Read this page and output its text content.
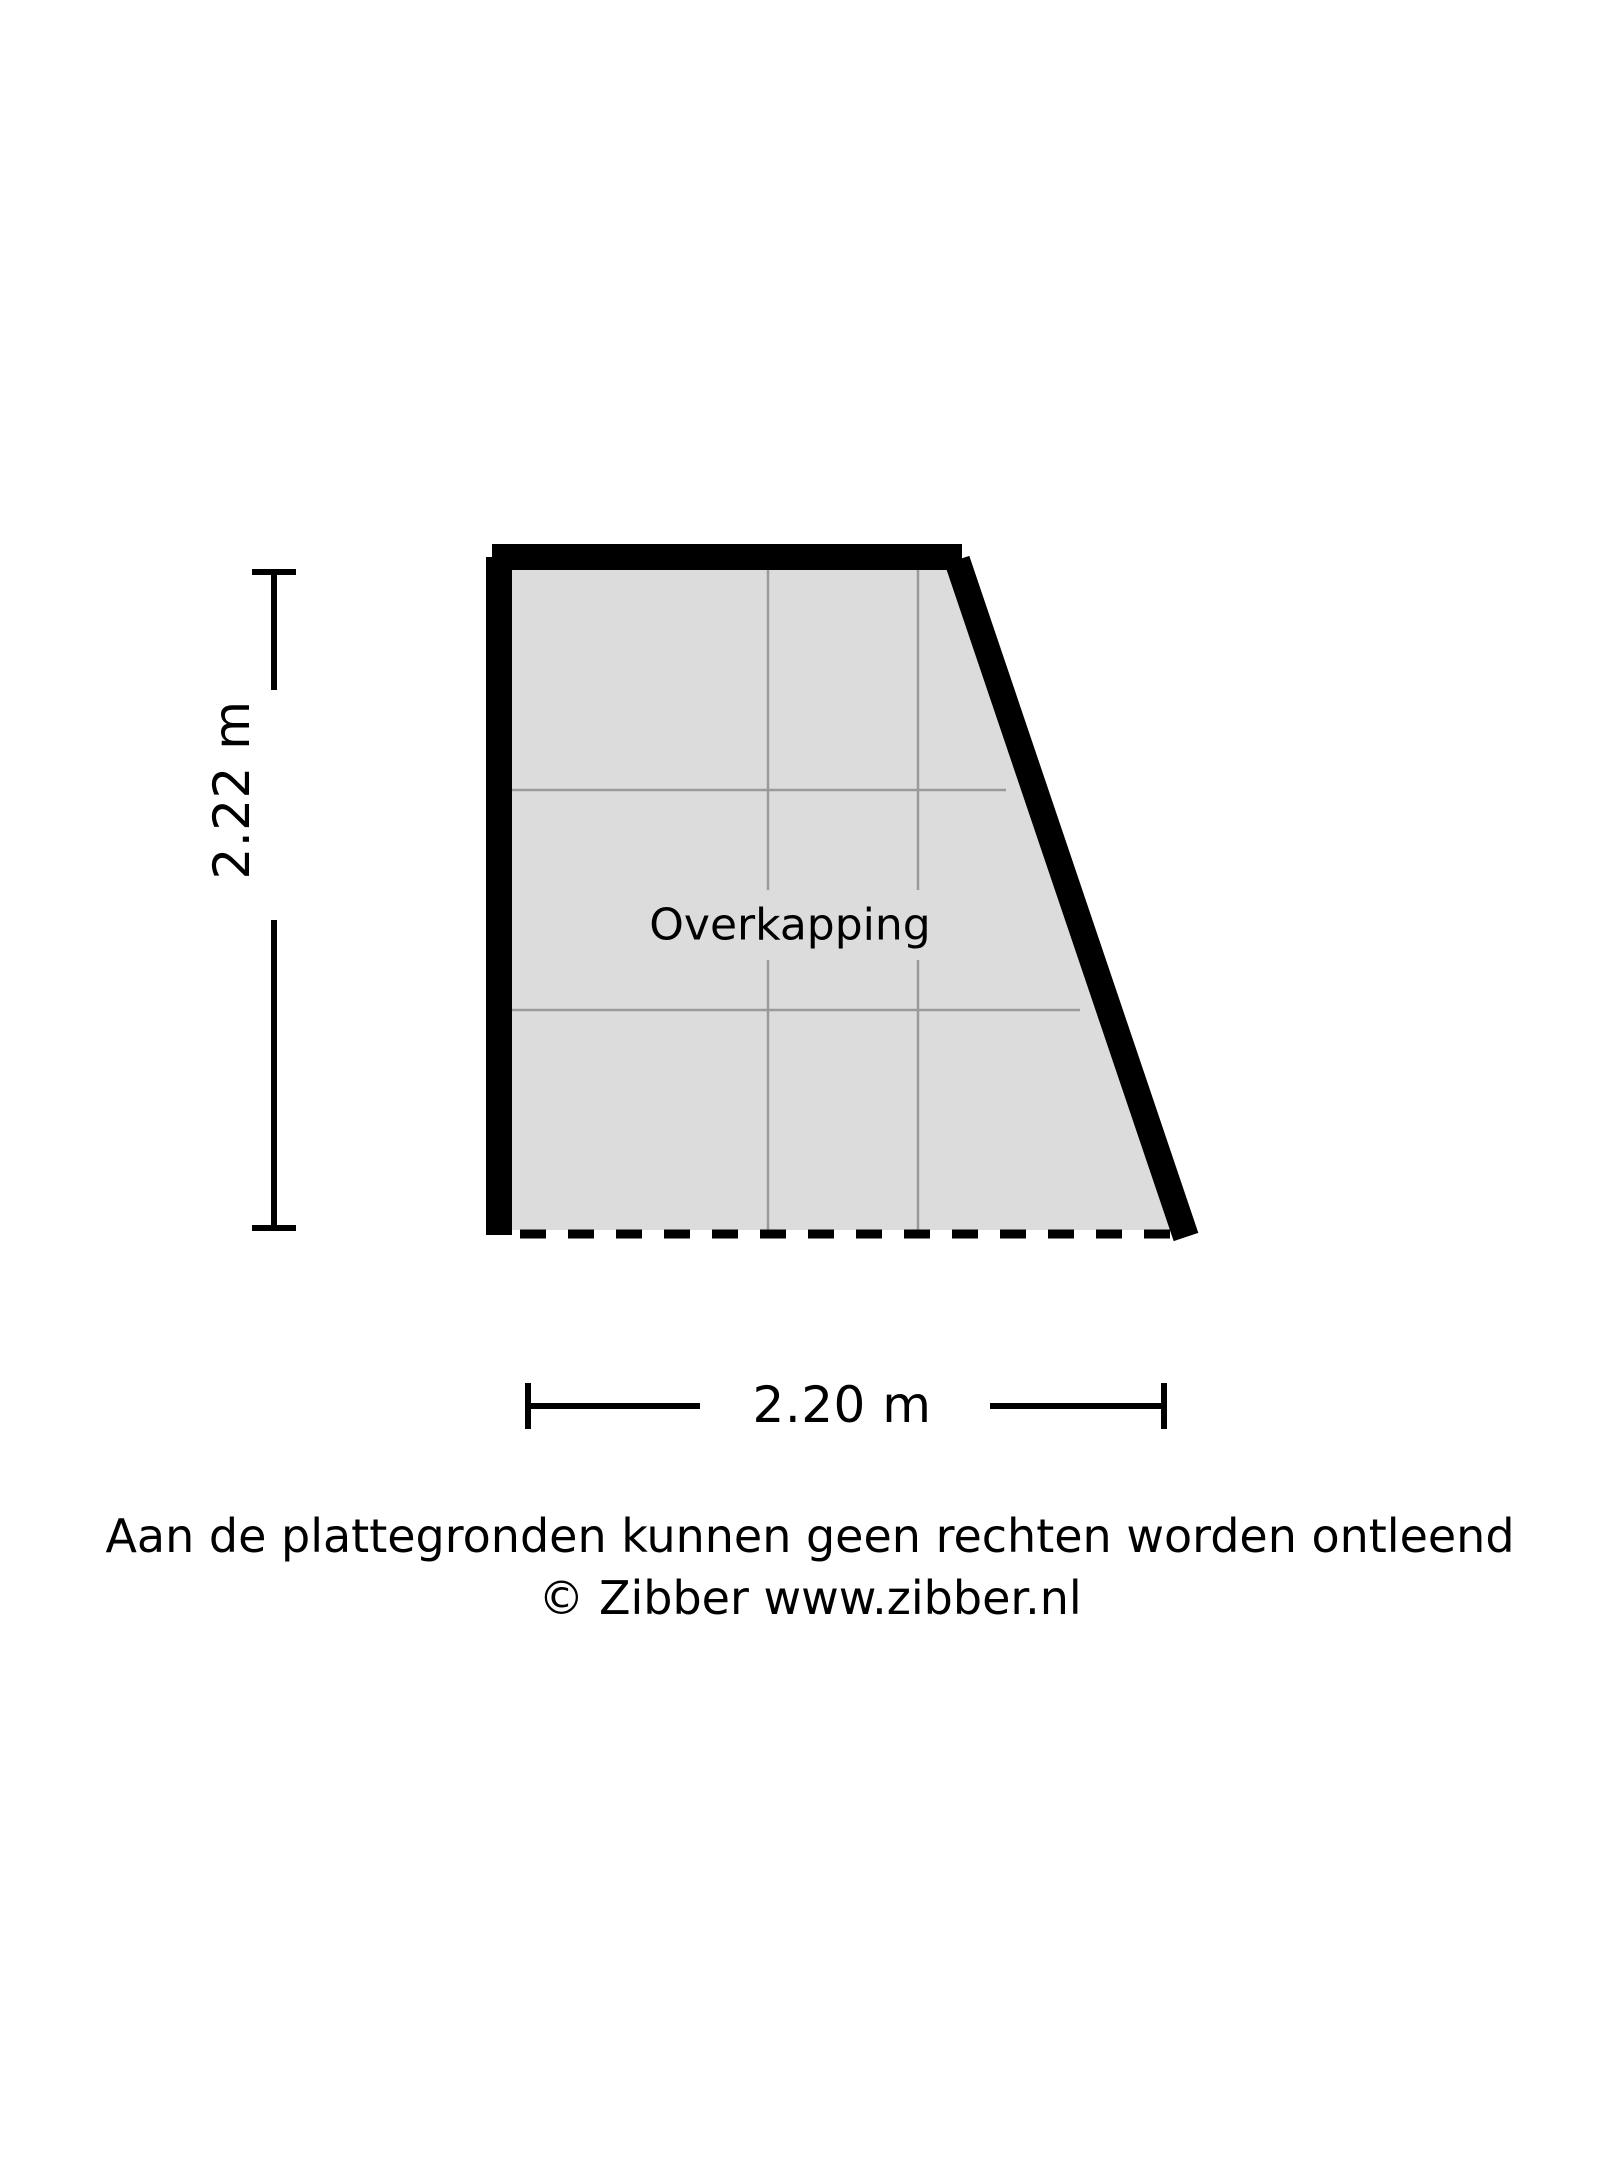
2.22 m
2.20 m
Overkapping
Aan de plattegronden kunnen geen rechten worden ontleend
© Zibber www.zibber.nl
